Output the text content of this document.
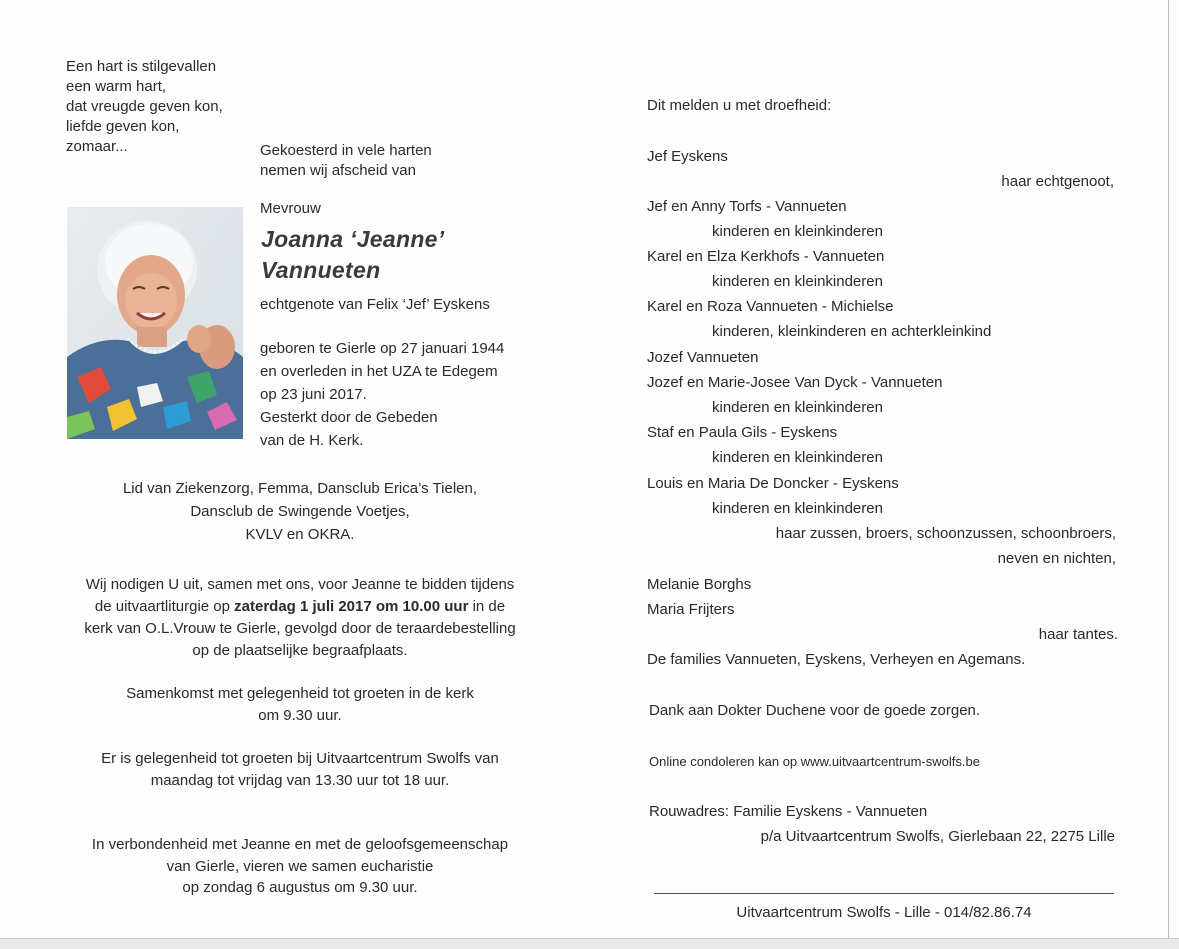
Een hart is stilgevallen
een warm hart,
dat vreugde geven kon,
liefde geven kon,
zomaar...	Gekoesterd in vele harten
nemen wij afscheid van
Mevrouw
Joanna ‘Jeanne’
Vannueten
echtgenote van Felix ‘Jef’ Eyskens
geboren te Gierle op 27 januari 1944
en overleden in het UZA te Edegem
op 23 juni 2017.
Gesterkt door de Gebeden
van de H. Kerk.
Lid van Ziekenzorg, Femma, Dansclub Erica’s Tielen,
Dansclub de Swingende Voetjes,
KVLV en OKRA.
Wij nodigen U uit, samen met ons, voor Jeanne te bidden tijdens
de uitvaartliturgie op zaterdag 1 juli 2017 om 10.00 uur in de
kerk van O.L.Vrouw te Gierle, gevolgd door de teraardebestelling
op de plaatselijke begraafplaats.
Samenkomst met gelegenheid tot groeten in de kerk
om 9.30 uur.
Er is gelegenheid tot groeten bij Uitvaartcentrum Swolfs van
maandag tot vrijdag van 13.30 uur tot 18 uur.
In verbondenheid met Jeanne en met de geloofsgemeenschap
van Gierle, vieren we samen eucharistie
op zondag 6 augustus om 9.30 uur.
Dit melden u met droefheid:
Jef Eyskens
haar echtgenoot,
Jef en Anny Torfs - Vannueten
kinderen en kleinkinderen
Karel en Elza Kerkhofs - Vannueten
kinderen en kleinkinderen
Karel en Roza Vannueten - Michielse
kinderen, kleinkinderen en achterkleinkind
Jozef Vannueten
Jozef en Marie-Josee Van Dyck - Vannueten
kinderen en kleinkinderen
Staf en Paula Gils - Eyskens
kinderen en kleinkinderen
Louis en Maria De Doncker - Eyskens
kinderen en kleinkinderen
haar zussen, broers, schoonzussen, schoonbroers,
neven en nichten,
Melanie Borghs
Maria Frijters
haar tantes.
De families Vannueten, Eyskens, Verheyen en Agemans.
Dank aan Dokter Duchene voor de goede zorgen.
Online condoleren kan op www.uitvaartcentrum-swolfs.be
Rouwadres: Familie Eyskens - Vannueten
p/a Uitvaartcentrum Swolfs, Gierlebaan 22, 2275 Lille
Uitvaartcentrum Swolfs - Lille - 014/82.86.74
